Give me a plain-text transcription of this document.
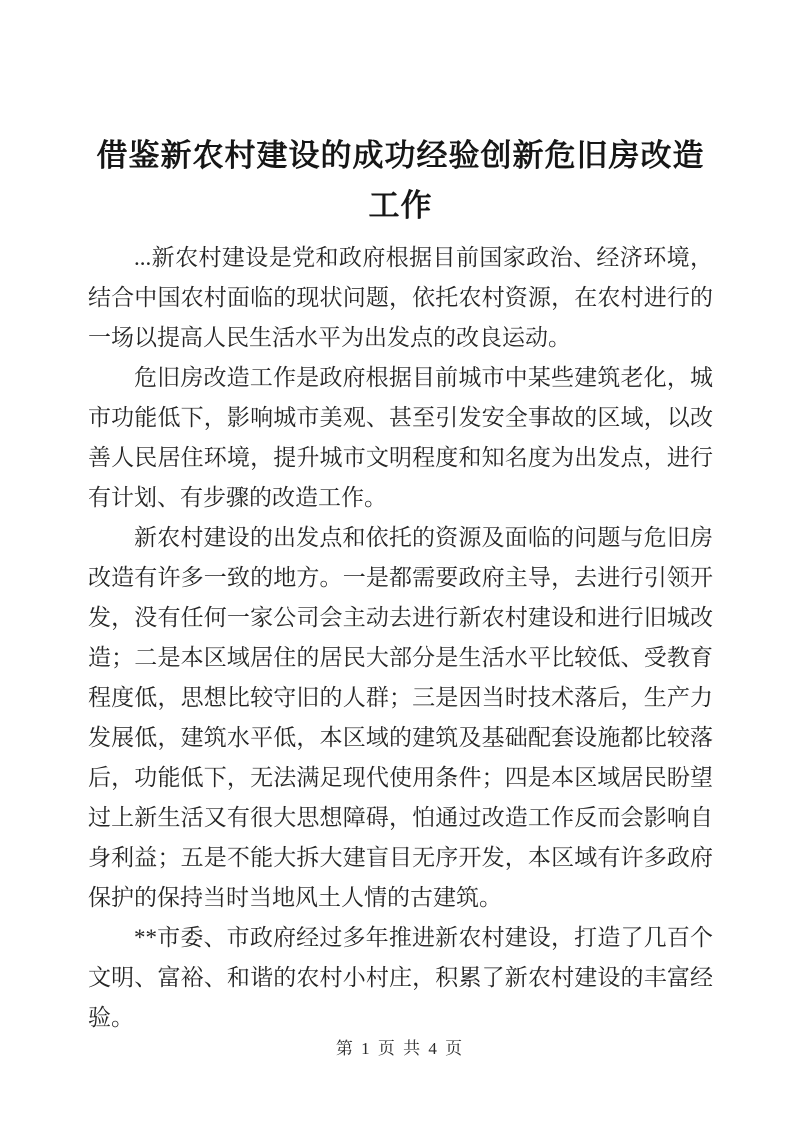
借鉴新农村建设的成功经验创新危旧房改造工作

...新农村建设是党和政府根据目前国家政治、经济环境，结合中国农村面临的现状问题，依托农村资源，在农村进行的一场以提高人民生活水平为出发点的改良运动。

危旧房改造工作是政府根据目前城市中某些建筑老化，城市功能低下，影响城市美观、甚至引发安全事故的区域，以改善人民居住环境，提升城市文明程度和知名度为出发点，进行有计划、有步骤的改造工作。

新农村建设的出发点和依托的资源及面临的问题与危旧房改造有许多一致的地方。一是都需要政府主导，去进行引领开发，没有任何一家公司会主动去进行新农村建设和进行旧城改造；二是本区域居住的居民大部分是生活水平比较低、受教育程度低，思想比较守旧的人群；三是因当时技术落后，生产力发展低，建筑水平低，本区域的建筑及基础配套设施都比较落后，功能低下，无法满足现代使用条件；四是本区域居民盼望过上新生活又有很大思想障碍，怕通过改造工作反而会影响自身利益；五是不能大拆大建盲目无序开发，本区域有许多政府保护的保持当时当地风土人情的古建筑。

**市委、市政府经过多年推进新农村建设，打造了几百个文明、富裕、和谐的农村小村庄，积累了新农村建设的丰富经验。

第 1 页 共 4 页
